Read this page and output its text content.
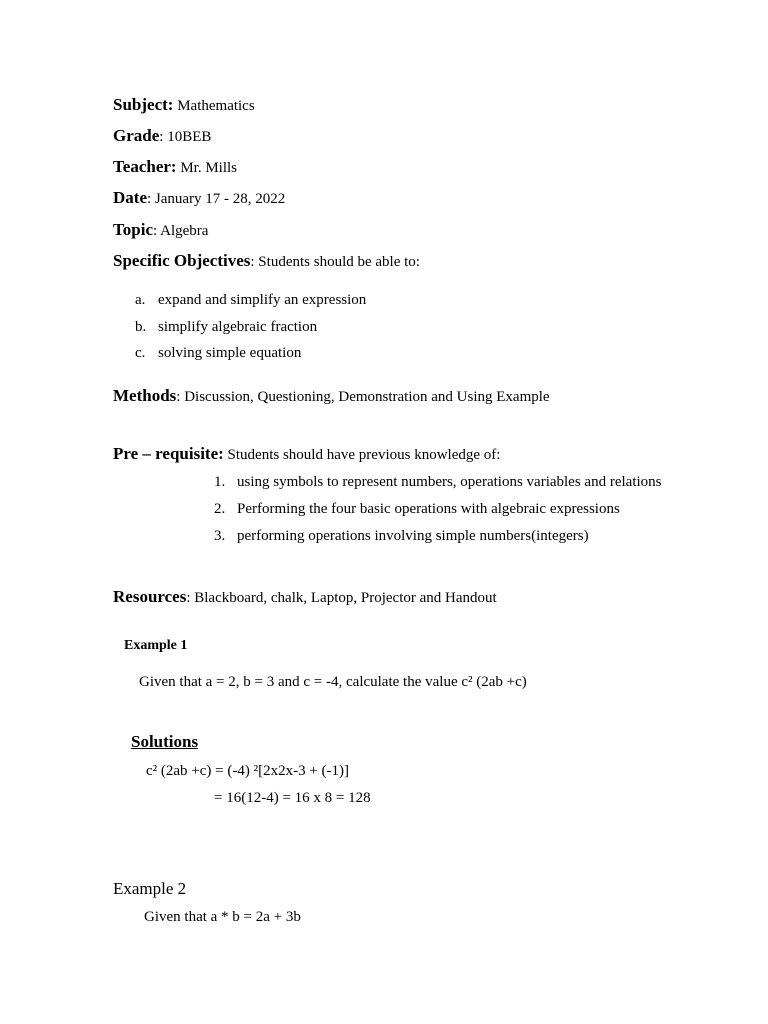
Subject: Mathematics
Grade: 10BEB
Teacher: Mr. Mills
Date: January 17 - 28, 2022
Topic: Algebra
Specific Objectives: Students should be able to:
a. expand and simplify an expression
b. simplify algebraic fraction
c. solving simple equation
Methods: Discussion, Questioning, Demonstration and Using Example
Pre – requisite: Students should have previous knowledge of:
1. using symbols to represent numbers, operations variables and relations
2. Performing the four basic operations with algebraic expressions
3. performing operations involving simple numbers(integers)
Resources: Blackboard, chalk, Laptop, Projector and Handout
Example 1
Given that a = 2, b = 3 and c = -4, calculate the value c² (2ab +c)
Solutions
c² (2ab +c) = (-4) ²[2x2x-3 + (-1)]
= 16(12-4) = 16 x 8 = 128
Example 2
Given that a * b = 2a + 3b
